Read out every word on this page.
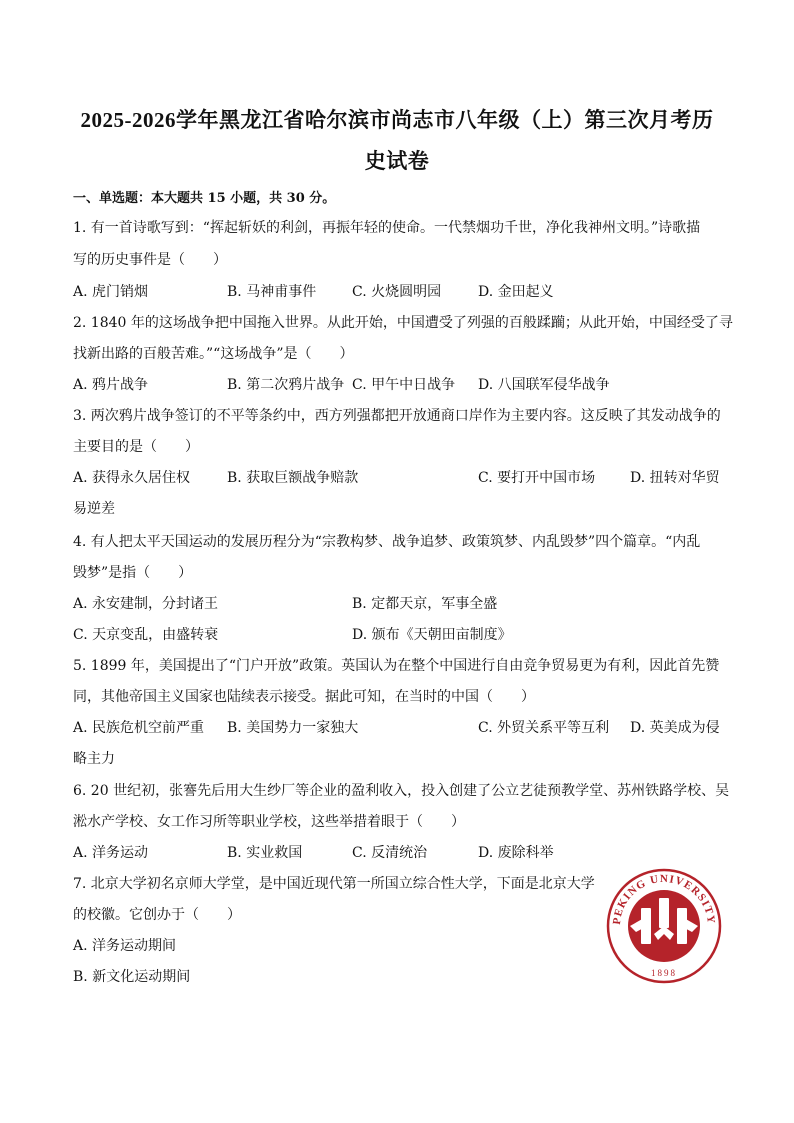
2025-2026学年黑龙江省哈尔滨市尚志市八年级（上）第三次月考历
史试卷
一、单选题：本大题共 15 小题，共 30 分。
1. 有一首诗歌写到：“挥起斩妖的利剑，再振年轻的使命。一代禁烟功千世，净化我神州文明。”诗歌描
写的历史事件是（　　）
A. 虎门销烟	B. 马神甫事件	C. 火烧圆明园	D. 金田起义
2. 1840 年的这场战争把中国拖入世界。从此开始，中国遭受了列强的百般蹂躏；从此开始，中国经受了寻
找新出路的百般苦难。”“这场战争”是（　　）
A. 鸦片战争	B. 第二次鸦片战争 C. 甲午中日战争 D. 八国联军侵华战争
3. 两次鸦片战争签订的不平等条约中，西方列强都把开放通商口岸作为主要内容。这反映了其发动战争的
主要目的是（　　）
A. 获得永久居住权	B. 获取巨额战争赔款	C. 要打开中国市场 D. 扭转对华贸
易逆差
4. 有人把太平天国运动的发展历程分为“宗教构梦、战争追梦、政策筑梦、内乱毁梦”四个篇章。“内乱
毁梦”是指（　　）
A. 永安建制，分封诸王	B. 定都天京，军事全盛
C. 天京变乱，由盛转衰	D. 颁布《天朝田亩制度》
5. 1899 年，美国提出了“门户开放”政策。英国认为在整个中国进行自由竞争贸易更为有利，因此首先赞
同，其他帝国主义国家也陆续表示接受。据此可知，在当时的中国（　　）
A. 民族危机空前严重 B. 美国势力一家独大	C. 外贸关系平等互利 D. 英美成为侵
略主力
6. 20 世纪初，张謇先后用大生纱厂等企业的盈利收入，投入创建了公立艺徒预教学堂、苏州铁路学校、吴
淞水产学校、女工作习所等职业学校，这些举措着眼于（　　）
A. 洋务运动	B. 实业救国	C. 反清统治	D. 废除科举
7. 北京大学初名京师大学堂，是中国近现代第一所国立综合性大学，下面是北京大学
的校徽。它创办于（　　）
A. 洋务运动期间
B. 新文化运动期间
PEKING UNIVERSITY
1898
